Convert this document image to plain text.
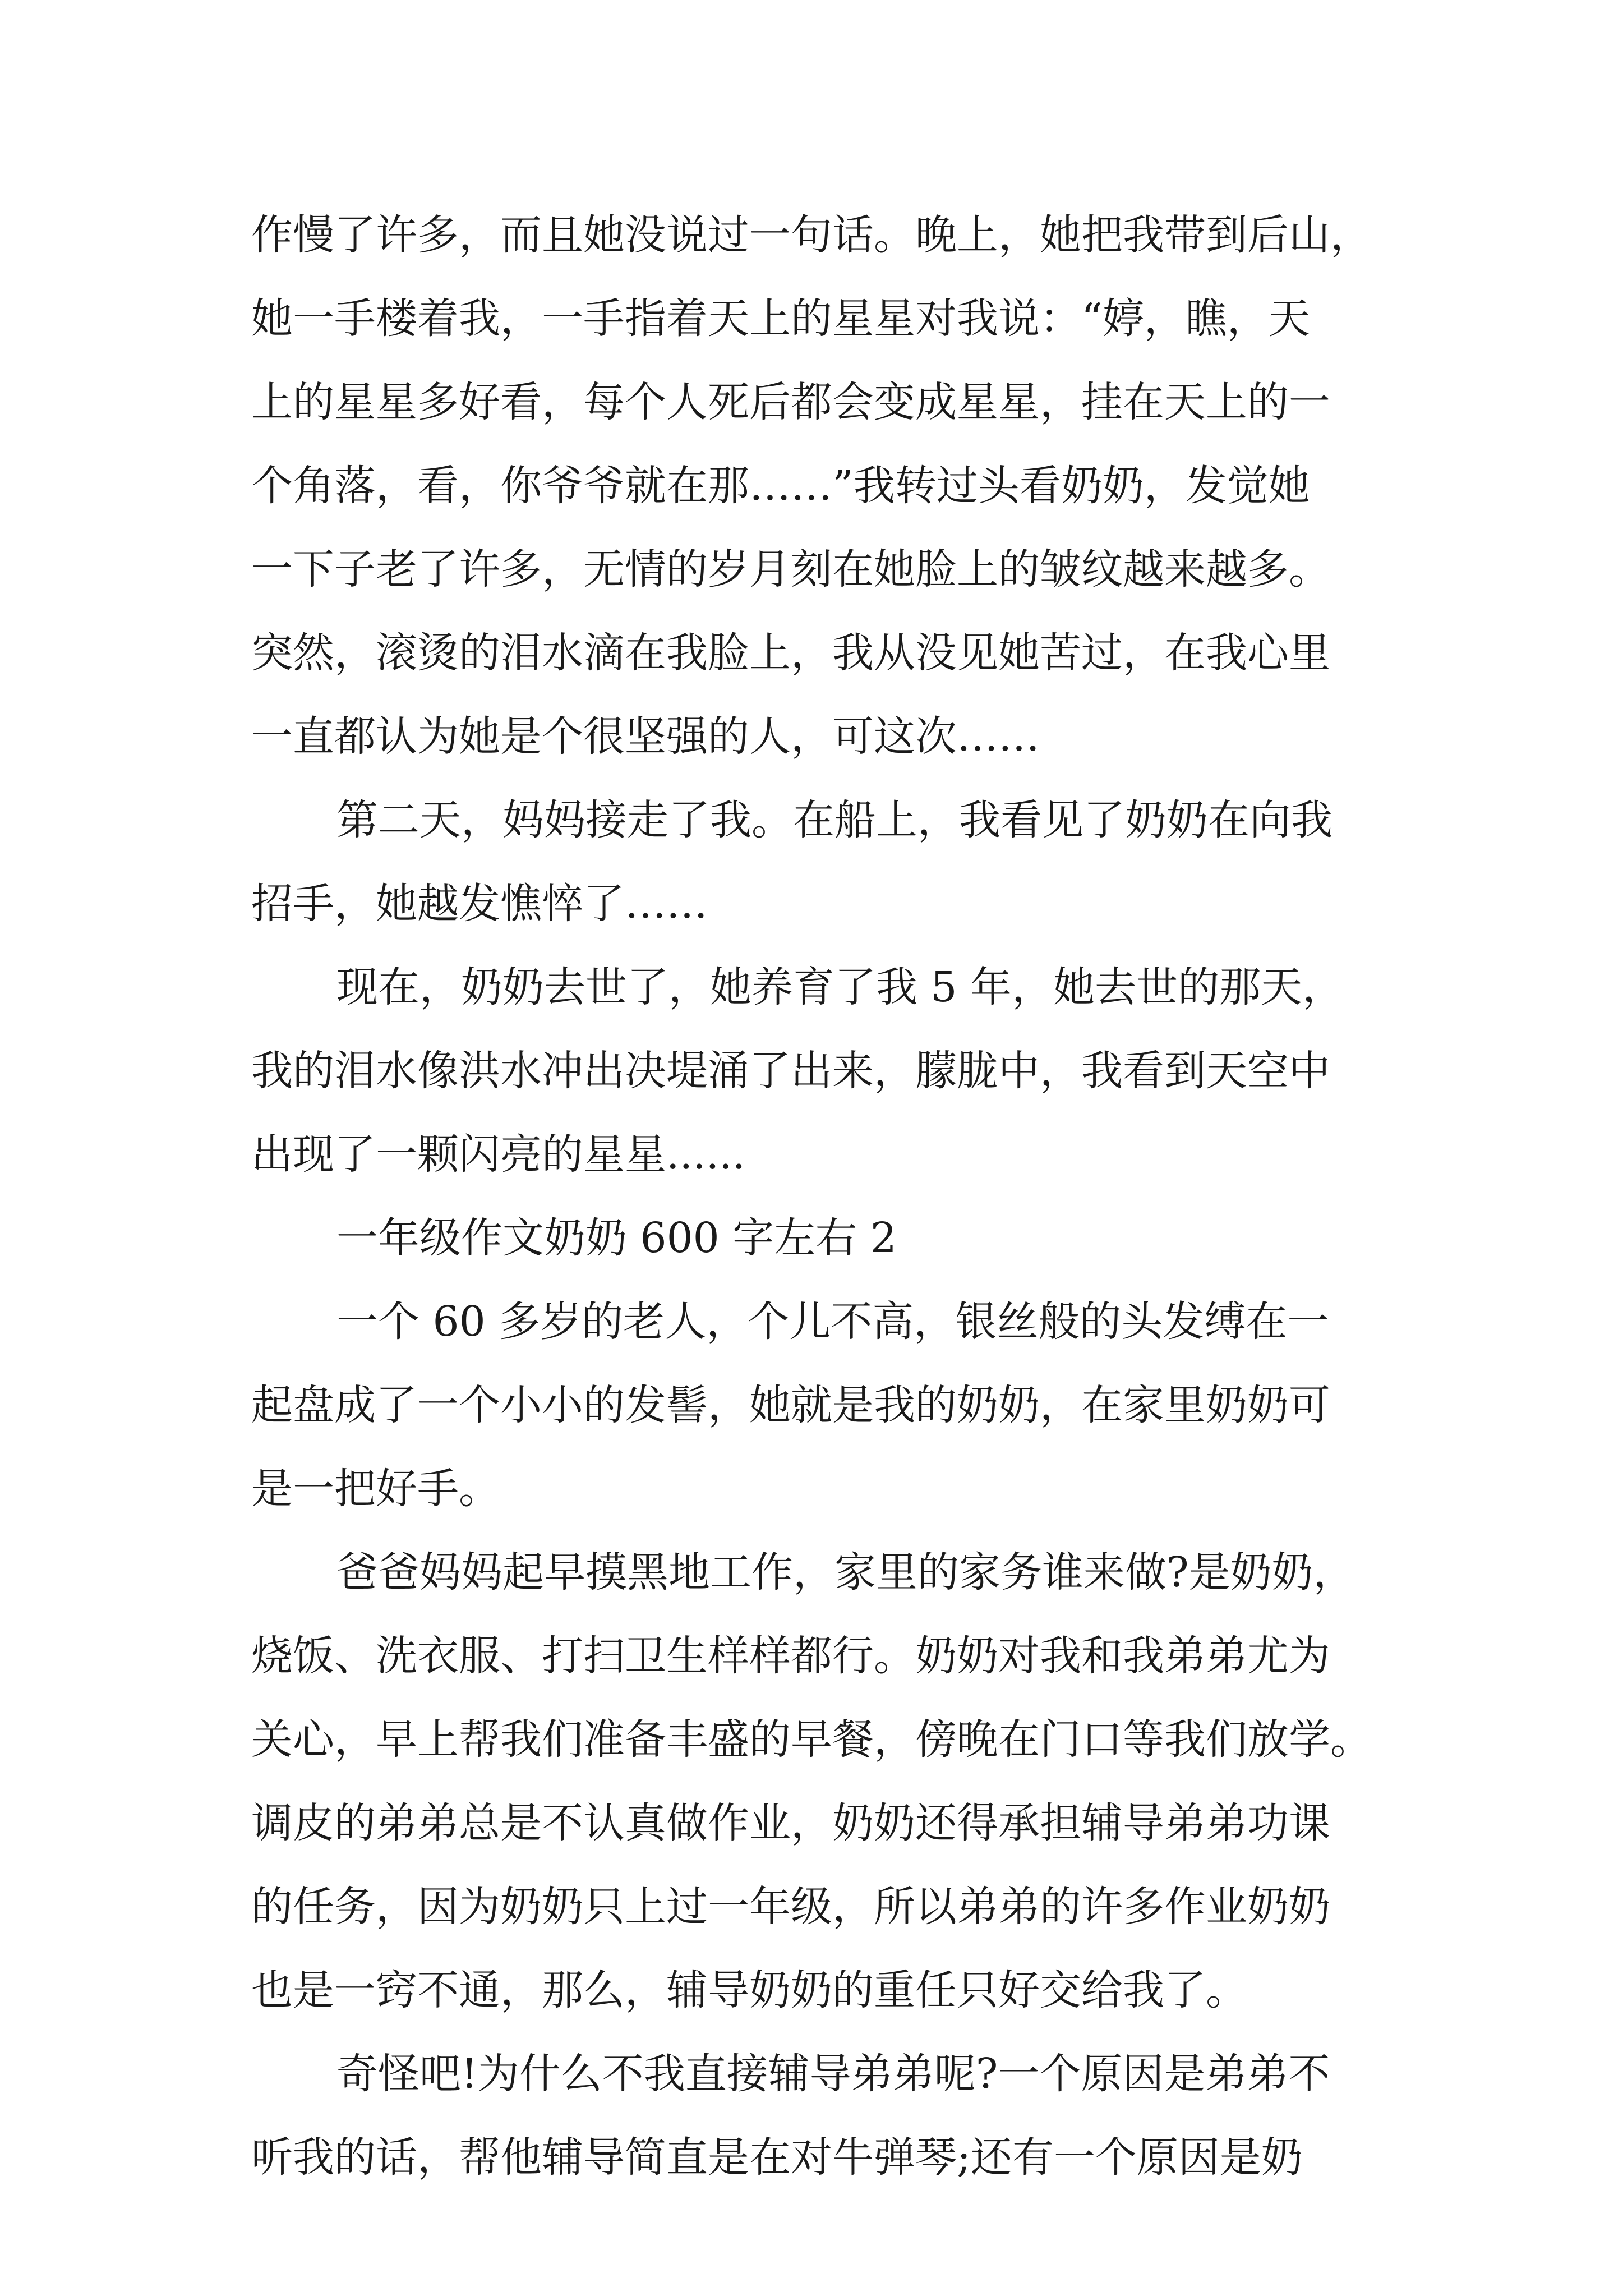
作慢了许多，而且她没说过一句话。晚上，她把我带到后山，
她一手楼着我，一手指着天上的星星对我说：“婷，瞧，天
上的星星多好看，每个人死后都会变成星星，挂在天上的一
个角落，看，你爷爷就在那……”我转过头看奶奶，发觉她
一下子老了许多，无情的岁月刻在她脸上的皱纹越来越多。
突然，滚烫的泪水滴在我脸上，我从没见她苦过，在我心里
一直都认为她是个很坚强的人，可这次……
第二天，妈妈接走了我。在船上，我看见了奶奶在向我
招手，她越发憔悴了……
现在，奶奶去世了，她养育了我 5 年，她去世的那天，
我的泪水像洪水冲出决堤涌了出来，朦胧中，我看到天空中
出现了一颗闪亮的星星......
一年级作文奶奶 600 字左右 2
一个 60 多岁的老人，个儿不高，银丝般的头发缚在一
起盘成了一个小小的发髻，她就是我的奶奶，在家里奶奶可
是一把好手。
爸爸妈妈起早摸黑地工作，家里的家务谁来做?是奶奶，
烧饭、洗衣服、打扫卫生样样都行。奶奶对我和我弟弟尤为
关心，早上帮我们准备丰盛的早餐，傍晚在门口等我们放学。
调皮的弟弟总是不认真做作业，奶奶还得承担辅导弟弟功课
的任务，因为奶奶只上过一年级，所以弟弟的许多作业奶奶
也是一窍不通，那么，辅导奶奶的重任只好交给我了。
奇怪吧!为什么不我直接辅导弟弟呢?一个原因是弟弟不
听我的话，帮他辅导简直是在对牛弹琴;还有一个原因是奶
